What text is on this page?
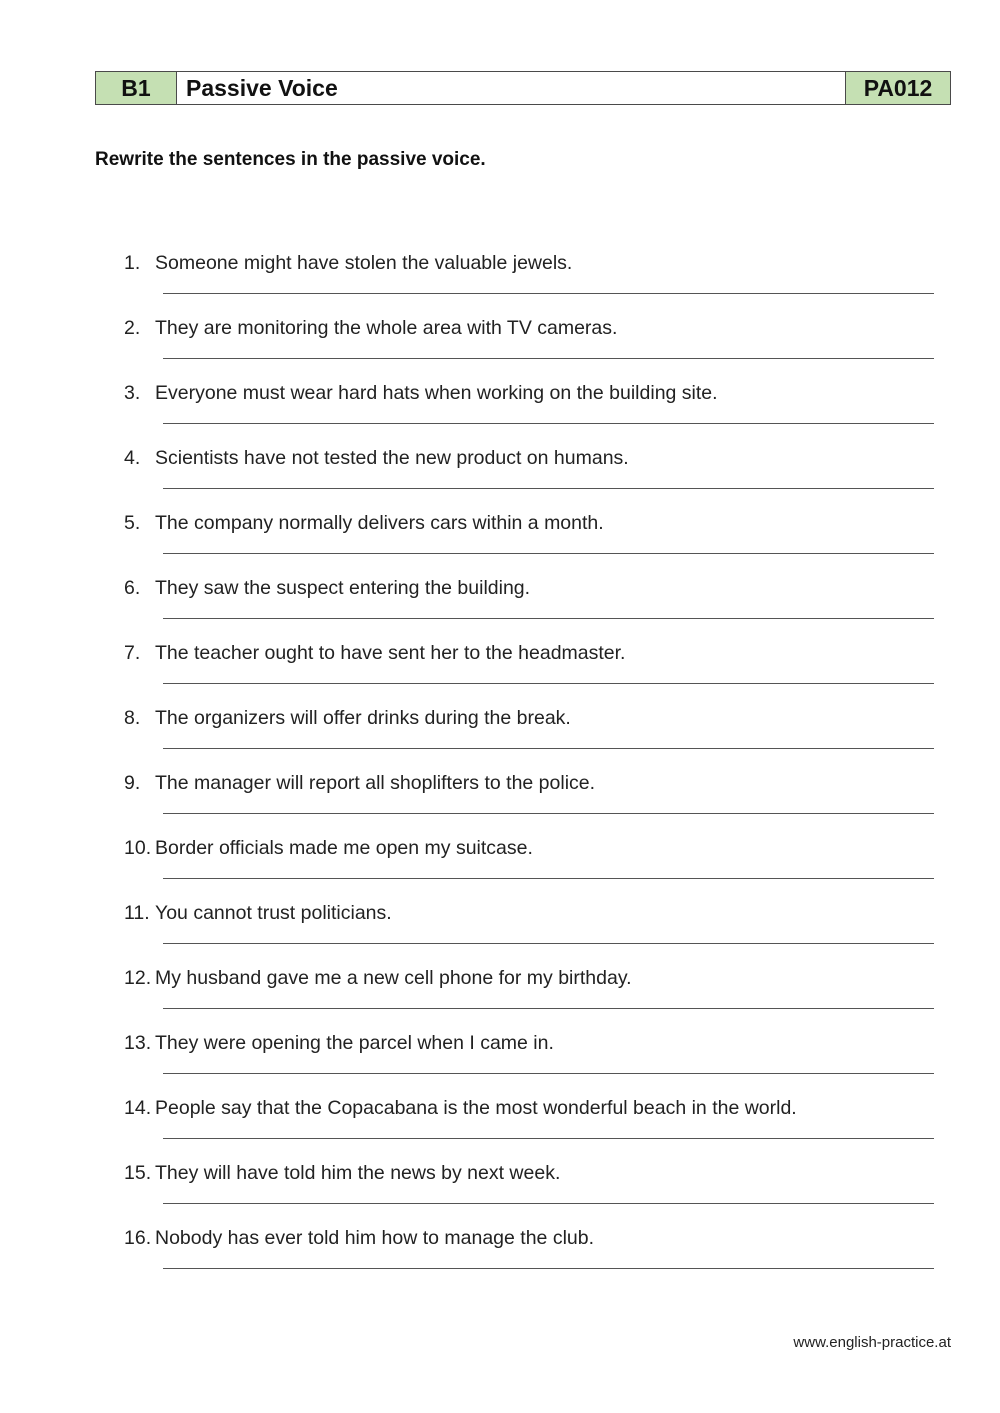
B1	Passive Voice	PA012
Rewrite the sentences in the passive voice.
1. Someone might have stolen the valuable jewels.
2. They are monitoring the whole area with TV cameras.
3. Everyone must wear hard hats when working on the building site.
4. Scientists have not tested the new product on humans.
5. The company normally delivers cars within a month.
6. They saw the suspect entering the building.
7. The teacher ought to have sent her to the headmaster.
8. The organizers will offer drinks during the break.
9. The manager will report all shoplifters to the police.
10. Border officials made me open my suitcase.
11. You cannot trust politicians.
12. My husband gave me a new cell phone for my birthday.
13. They were opening the parcel when I came in.
14. People say that the Copacabana is the most wonderful beach in the world.
15. They will have told him the news by next week.
16. Nobody has ever told him how to manage the club.
www.english-practice.at
